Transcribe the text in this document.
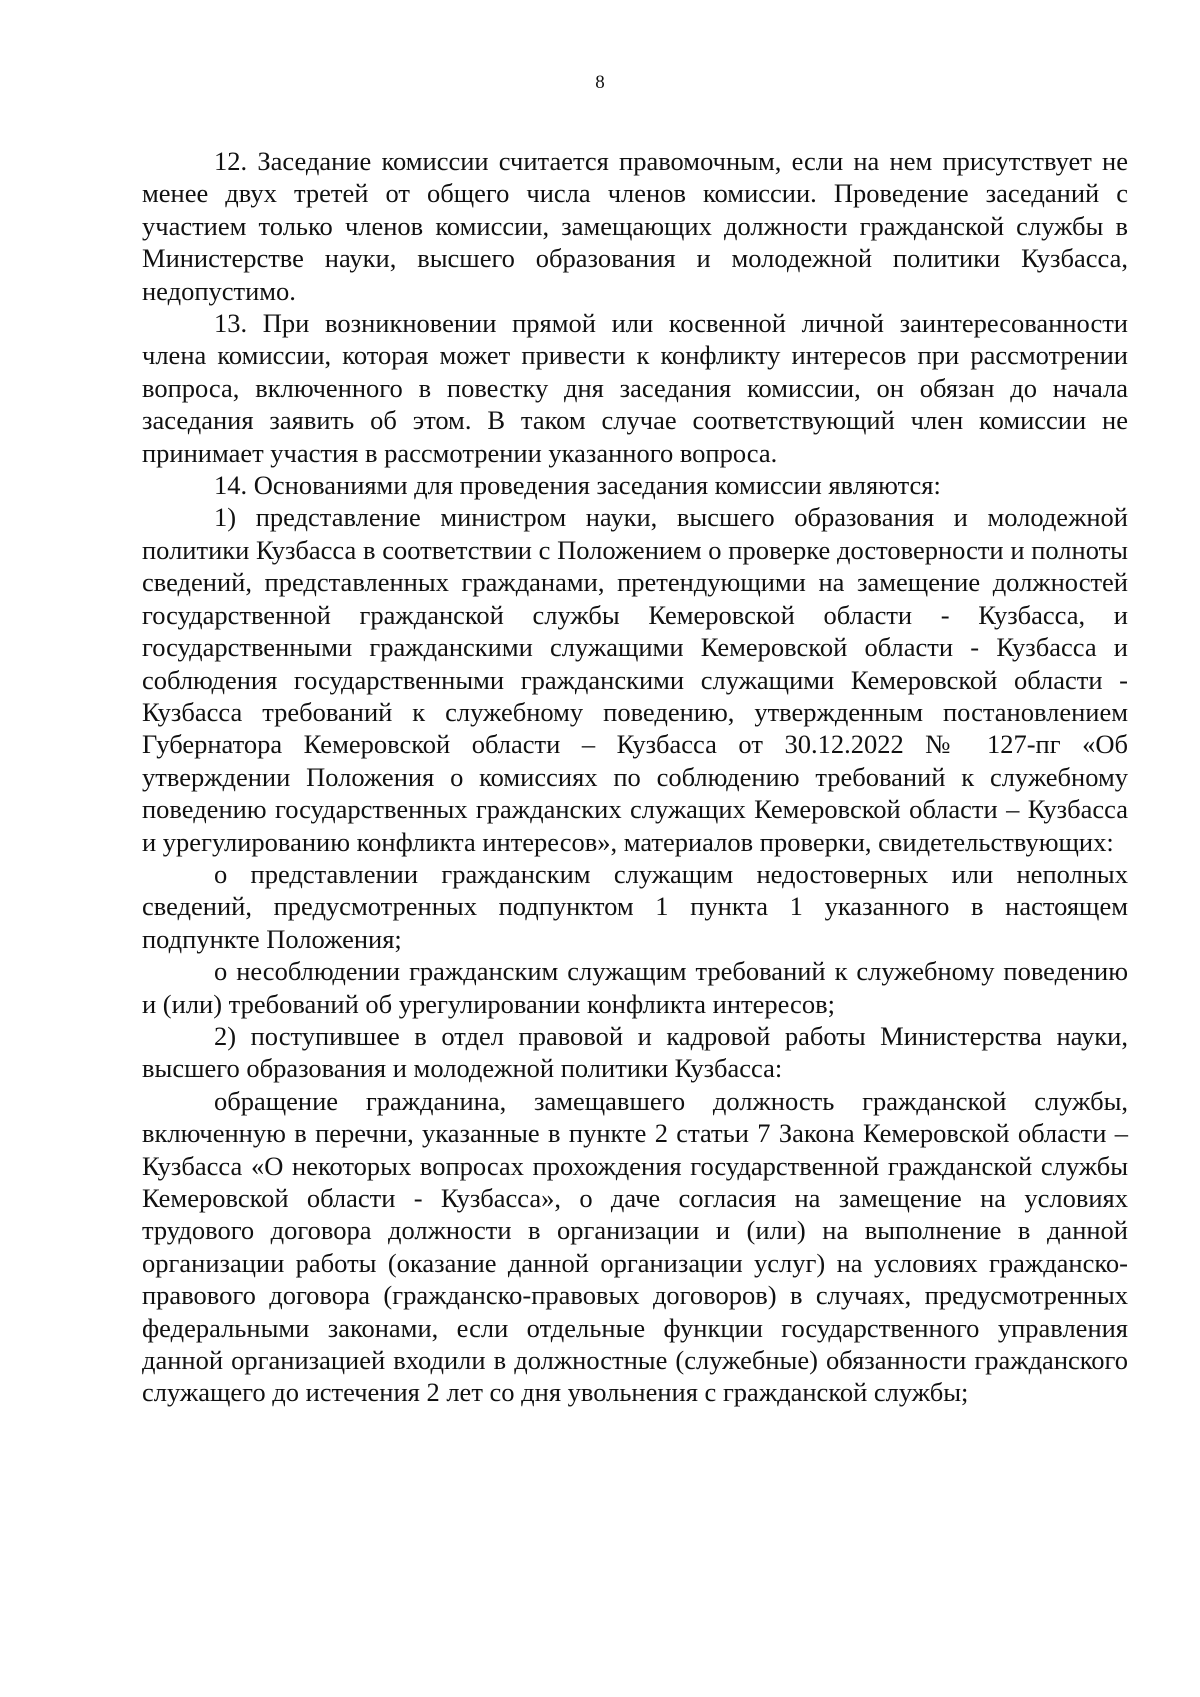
8

12. Заседание комиссии считается правомочным, если на нем присутствует не менее двух третей от общего числа членов комиссии. Проведение заседаний с участием только членов комиссии, замещающих должности гражданской службы в Министерстве науки, высшего образования и молодежной политики Кузбасса, недопустимо.

13. При возникновении прямой или косвенной личной заинтересованности члена комиссии, которая может привести к конфликту интересов при рассмотрении вопроса, включенного в повестку дня заседания комиссии, он обязан до начала заседания заявить об этом. В таком случае соответствующий член комиссии не принимает участия в рассмотрении указанного вопроса.

14. Основаниями для проведения заседания комиссии являются:

1) представление министром науки, высшего образования и молодежной политики Кузбасса в соответствии с Положением о проверке достоверности и полноты сведений, представленных гражданами, претендующими на замещение должностей государственной гражданской службы Кемеровской области - Кузбасса, и государственными гражданскими служащими Кемеровской области - Кузбасса и соблюдения государственными гражданскими служащими Кемеровской области - Кузбасса требований к служебному поведению, утвержденным постановлением Губернатора Кемеровской области – Кузбасса от 30.12.2022 № 127-пг «Об утверждении Положения о комиссиях по соблюдению требований к служебному поведению государственных гражданских служащих Кемеровской области – Кузбасса и урегулированию конфликта интересов», материалов проверки, свидетельствующих:

о представлении гражданским служащим недостоверных или неполных сведений, предусмотренных подпунктом 1 пункта 1 указанного в настоящем подпункте Положения;

о несоблюдении гражданским служащим требований к служебному поведению и (или) требований об урегулировании конфликта интересов;

2) поступившее в отдел правовой и кадровой работы Министерства науки, высшего образования и молодежной политики Кузбасса:

обращение гражданина, замещавшего должность гражданской службы, включенную в перечни, указанные в пункте 2 статьи 7 Закона Кемеровской области – Кузбасса «О некоторых вопросах прохождения государственной гражданской службы Кемеровской области - Кузбасса», о даче согласия на замещение на условиях трудового договора должности в организации и (или) на выполнение в данной организации работы (оказание данной организации услуг) на условиях гражданско-правового договора (гражданско-правовых договоров) в случаях, предусмотренных федеральными законами, если отдельные функции государственного управления данной организацией входили в должностные (служебные) обязанности гражданского служащего до истечения 2 лет со дня увольнения с гражданской службы;
